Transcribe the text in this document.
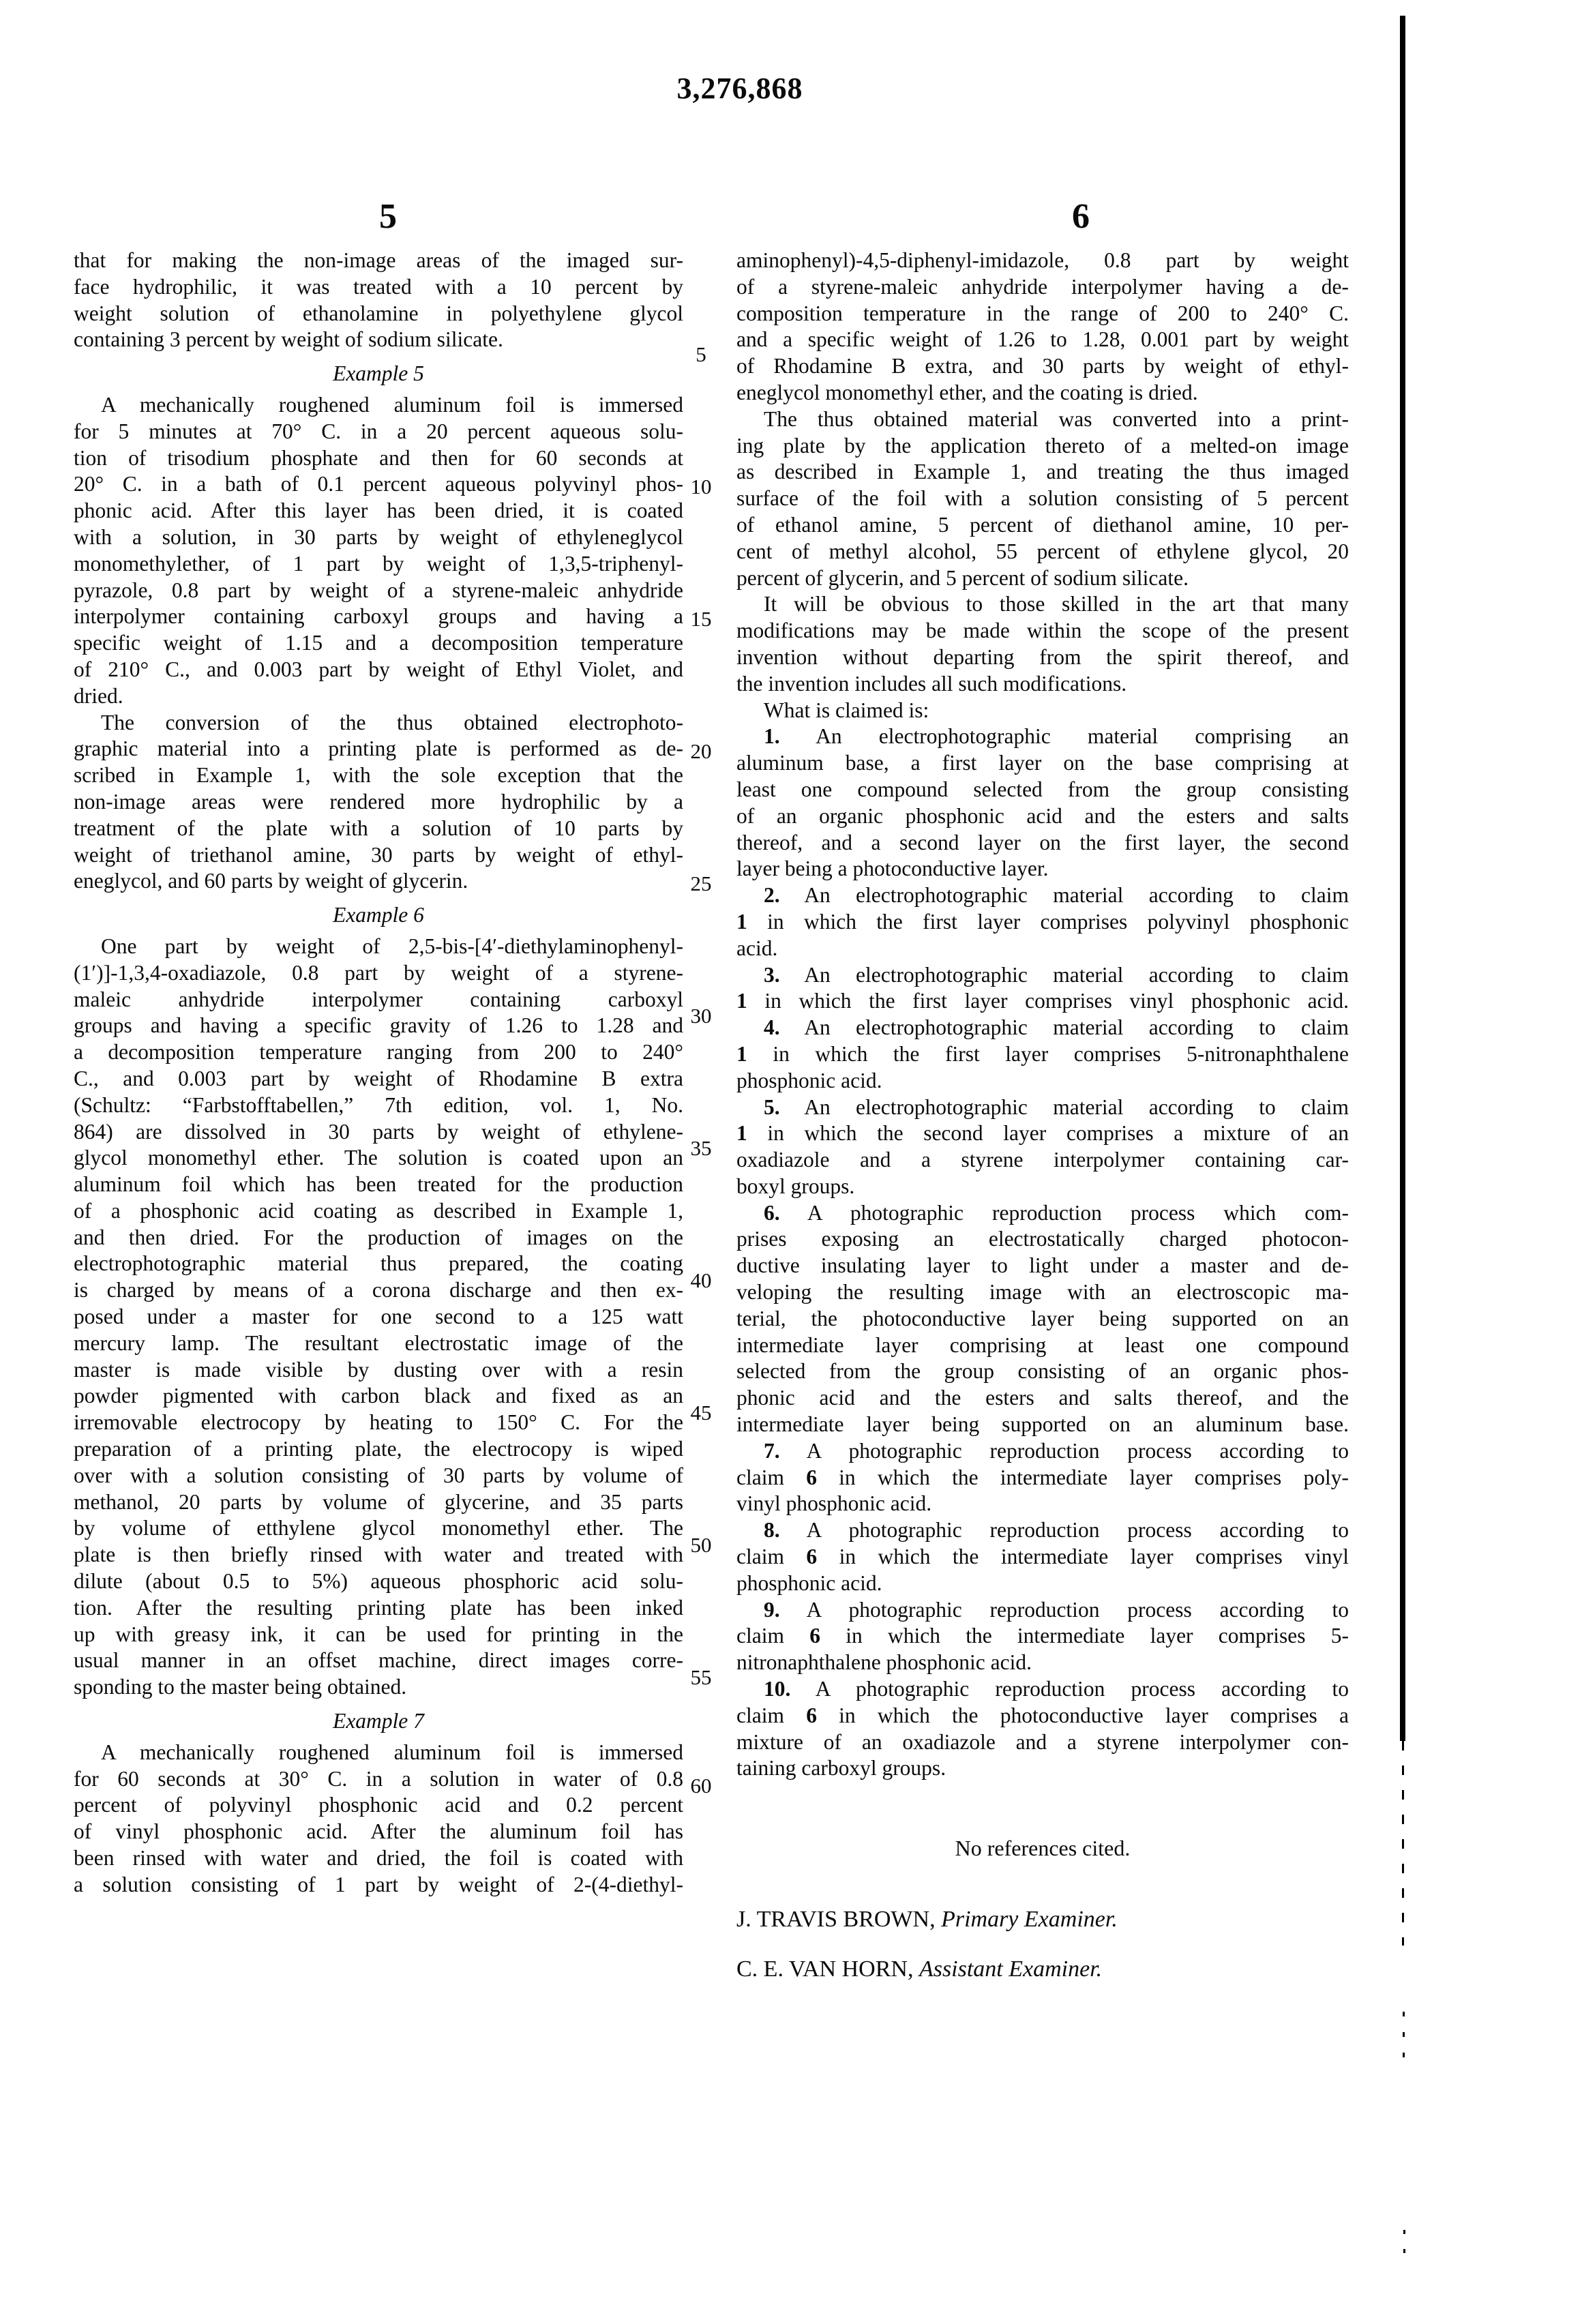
3,276,868
5	6
5
10
15
20
25
30
35
40
45
50
55
60
that for making the non-image areas of the imaged sur-
face hydrophilic, it was treated with a 10 percent by
weight solution of ethanolamine in polyethylene glycol
containing 3 percent by weight of sodium silicate.
Example 5
A mechanically roughened aluminum foil is immersed
for 5 minutes at 70° C. in a 20 percent aqueous solu-
tion of trisodium phosphate and then for 60 seconds at
20° C. in a bath of 0.1 percent aqueous polyvinyl phos-
phonic acid. After this layer has been dried, it is coated
with a solution, in 30 parts by weight of ethyleneglycol
monomethylether, of 1 part by weight of 1,3,5-triphenyl-
pyrazole, 0.8 part by weight of a styrene-maleic anhydride
interpolymer containing carboxyl groups and having a
specific weight of 1.15 and a decomposition temperature
of 210° C., and 0.003 part by weight of Ethyl Violet, and
dried.
The conversion of the thus obtained electrophoto-
graphic material into a printing plate is performed as de-
scribed in Example 1, with the sole exception that the
non-image areas were rendered more hydrophilic by a
treatment of the plate with a solution of 10 parts by
weight of triethanol amine, 30 parts by weight of ethyl-
eneglycol, and 60 parts by weight of glycerin.
Example 6
One part by weight of 2,5-bis-[4′-diethylaminophenyl-
(1′)]-1,3,4-oxadiazole, 0.8 part by weight of a styrene-
maleic anhydride interpolymer containing carboxyl
groups and having a specific gravity of 1.26 to 1.28 and
a decomposition temperature ranging from 200 to 240°
C., and 0.003 part by weight of Rhodamine B extra
(Schultz: “Farbstofftabellen,” 7th edition, vol. 1, No.
864) are dissolved in 30 parts by weight of ethylene-
glycol monomethyl ether. The solution is coated upon an
aluminum foil which has been treated for the production
of a phosphonic acid coating as described in Example 1,
and then dried. For the production of images on the
electrophotographic material thus prepared, the coating
is charged by means of a corona discharge and then ex-
posed under a master for one second to a 125 watt
mercury lamp. The resultant electrostatic image of the
master is made visible by dusting over with a resin
powder pigmented with carbon black and fixed as an
irremovable electrocopy by heating to 150° C. For the
preparation of a printing plate, the electrocopy is wiped
over with a solution consisting of 30 parts by volume of
methanol, 20 parts by volume of glycerine, and 35 parts
by volume of etthylene glycol monomethyl ether. The
plate is then briefly rinsed with water and treated with
dilute (about 0.5 to 5%) aqueous phosphoric acid solu-
tion. After the resulting printing plate has been inked
up with greasy ink, it can be used for printing in the
usual manner in an offset machine, direct images corre-
sponding to the master being obtained.
Example 7
A mechanically roughened aluminum foil is immersed
for 60 seconds at 30° C. in a solution in water of 0.8
percent of polyvinyl phosphonic acid and 0.2 percent
of vinyl phosphonic acid. After the aluminum foil has
been rinsed with water and dried, the foil is coated with
a solution consisting of 1 part by weight of 2-(4-diethyl-
aminophenyl)-4,5-diphenyl-imidazole, 0.8 part by weight
of a styrene-maleic anhydride interpolymer having a de-
composition temperature in the range of 200 to 240° C.
and a specific weight of 1.26 to 1.28, 0.001 part by weight
of Rhodamine B extra, and 30 parts by weight of ethyl-
eneglycol monomethyl ether, and the coating is dried.
The thus obtained material was converted into a print-
ing plate by the application thereto of a melted-on image
as described in Example 1, and treating the thus imaged
surface of the foil with a solution consisting of 5 percent
of ethanol amine, 5 percent of diethanol amine, 10 per-
cent of methyl alcohol, 55 percent of ethylene glycol, 20
percent of glycerin, and 5 percent of sodium silicate.
It will be obvious to those skilled in the art that many
modifications may be made within the scope of the present
invention without departing from the spirit thereof, and
the invention includes all such modifications.
What is claimed is:
1. An electrophotographic material comprising an
aluminum base, a first layer on the base comprising at
least one compound selected from the group consisting
of an organic phosphonic acid and the esters and salts
thereof, and a second layer on the first layer, the second
layer being a photoconductive layer.
2. An electrophotographic material according to claim
1 in which the first layer comprises polyvinyl phosphonic
acid.
3. An electrophotographic material according to claim
1 in which the first layer comprises vinyl phosphonic acid.
4. An electrophotographic material according to claim
1 in which the first layer comprises 5-nitronaphthalene
phosphonic acid.
5. An electrophotographic material according to claim
1 in which the second layer comprises a mixture of an
oxadiazole and a styrene interpolymer containing car-
boxyl groups.
6. A photographic reproduction process which com-
prises exposing an electrostatically charged photocon-
ductive insulating layer to light under a master and de-
veloping the resulting image with an electroscopic ma-
terial, the photoconductive layer being supported on an
intermediate layer comprising at least one compound
selected from the group consisting of an organic phos-
phonic acid and the esters and salts thereof, and the
intermediate layer being supported on an aluminum base.
7. A photographic reproduction process according to
claim 6 in which the intermediate layer comprises poly-
vinyl phosphonic acid.
8. A photographic reproduction process according to
claim 6 in which the intermediate layer comprises vinyl
phosphonic acid.
9. A photographic reproduction process according to
claim 6 in which the intermediate layer comprises 5-
nitronaphthalene phosphonic acid.
10. A photographic reproduction process according to
claim 6 in which the photoconductive layer comprises a
mixture of an oxadiazole and a styrene interpolymer con-
taining carboxyl groups.
No references cited.
J. TRAVIS BROWN, Primary Examiner.
C. E. VAN HORN, Assistant Examiner.
